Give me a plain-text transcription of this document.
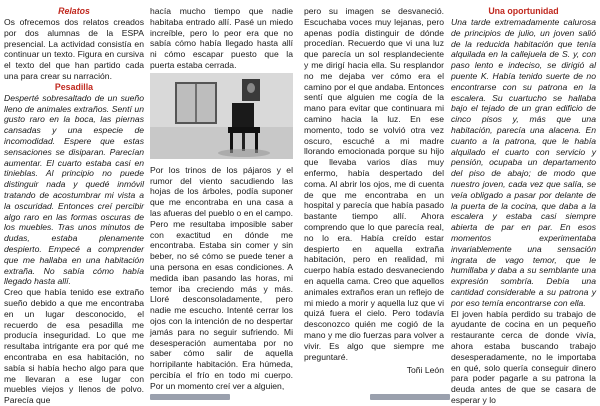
Relatos

Os ofrecemos dos relatos creados por dos alumnas de la ESPA presencial. La actividad consistía en continuar un texto. Figura en cursiva el texto del que han partido cada una para crear su narración.

Pesadilla

Desperté sobresaltado de un sueño lleno de animales extraños. Sentí un gusto raro en la boca, las piernas cansadas y una especie de incomodidad. Espere que estas sensaciones se disiparan. Parecían aumentar. El cuarto estaba casi en tinieblas. Al principio no puede distinguir nada y quedé inmóvil tratando de acostumbrar mi vista a la oscuridad. Entonces creí percibir algo raro en las formas oscuras de los muebles. Tras unos minutos de dudas, estaba plenamente despierto. Empecé a comprender que me hallaba en una habitación extraña. No sabía cómo había llegado hasta allí.

Creo que había tenido ese extraño sueño debido a que me encontraba en un lugar desconocido, el recuerdo de esa pesadilla me producía inseguridad. Lo que me resultaba intrigante era por qué me encontraba en esa habitación, no sabía si había hecho algo para que me llevaran a ese lugar con muebles viejos y llenos de polvo. Parecía que

hacía mucho tiempo que nadie habitaba entrado allí. Pasé un miedo increíble, pero lo peor era que no sabía cómo había llegado hasta allí ni cómo escapar puesto que la puerta estaba cerrada.

Por los trinos de los pájaros y el rumor del viento sacudiendo las hojas de los árboles, podía suponer que me encontraba en una casa a las afueras del pueblo o en el campo. Pero me resultaba imposible saber con exactitud en dónde me encontraba. Estaba sin comer y sin beber, no sé cómo se puede tener a una persona en esas condiciones. A medida iban pasando las horas, mi temor iba creciendo más y más. Lloré desconsoladamente, pero nadie me escucho. Intenté cerrar los ojos con la intención de no despertar jamás para no seguir sufriendo. Mi desesperación aumentaba por no saber cómo salir de aquella horripilante habitación. Era húmeda, percibía el frío en todo mi cuerpo. Por un momento creí ver a alguien,

pero su imagen se desvaneció. Escuchaba voces muy lejanas, pero apenas podía distinguir de dónde procedían. Recuerdo que vi una luz que parecía un sol resplandeciente y me dirigí hacia ella. Su resplandor no me dejaba ver cómo era el camino por el que andaba. Entonces sentí que alguien me cogía de la mano para evitar que continuara mi camino hacia la luz. En ese momento, todo se volvió otra vez oscuro, escuché a mi madre llorando emocionada porque su hijo que llevaba varios días muy enfermo, había despertado del coma. Al abrir los ojos, me di cuenta de que me encontraba en un hospital y parecía que había pasado bastante tiempo allí. Ahora comprendo que lo que parecía real, no lo era. Había creído estar despierto en aquella extraña habitación, pero en realidad, mi cuerpo había estado desvaneciendo en aquella cama. Creo que aquellos animales extraños eran un reflejo de mi miedo a morir y aquella luz que vi quizá fuera el cielo. Pero todavía desconozco quién me cogió de la mano y me dio fuerzas para volver a vivir. Es algo que siempre me preguntaré.

Toñi León

Una oportunidad

Una tarde extremadamente calurosa de principios de julio, un joven salió de la reducida habitación que tenía alquilada en la callejuela de S. y, con paso lento e indeciso, se dirigió al puente K. Había tenido suerte de no encontrarse con su patrona en la escalera. Su cuartucho se hallaba bajo el tejado de un gran edificio de cinco pisos y, más que una habitación, parecía una alacena. En cuanto a la patrona, que le había alquilado el cuarto con servicio y pensión, ocupaba un departamento del piso de abajo; de modo que nuestro joven, cada vez que salía, se veía obligado a pasar por delante de la puerta de la cocina, que daba a la escalera y estaba casi siempre abierta de par en par. En esos momentos experimentaba invariablemente una sensación ingrata de vago temor, que le humillaba y daba a su semblante una expresión sombría. Debía una cantidad considerable a su patrona y por eso temía encontrarse con ella.

El joven había perdido su trabajo de ayudante de cocina en un pequeño restaurante cerca de donde vivía, ahora estaba buscando trabajo desesperadamente, no le importaba en qué, solo quería conseguir dinero para poder pagarle a su patrona la deuda antes de que se casara de esperar y lo
